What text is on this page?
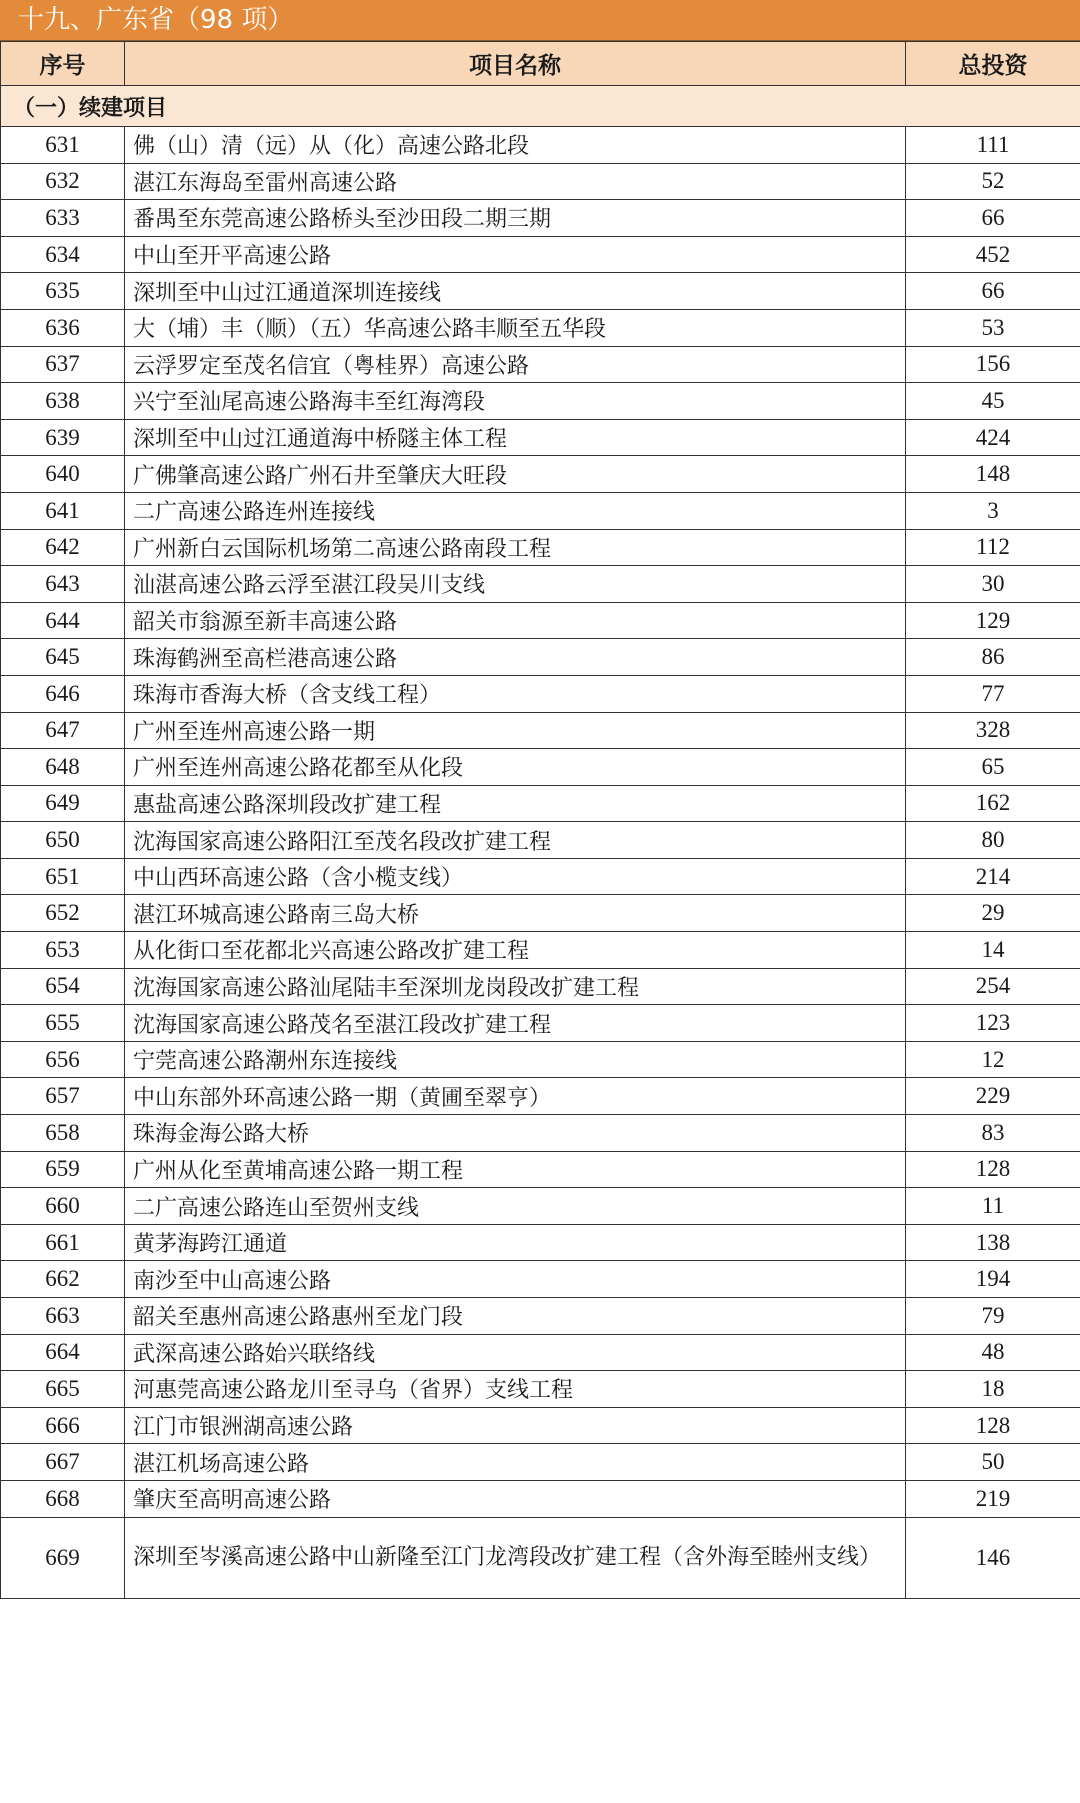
十九、广东省（98 项）
序号	项目名称	总投资
（一）续建项目		
631	佛（山）清（远）从（化）高速公路北段	111
632	湛江东海岛至雷州高速公路	52
633	番禺至东莞高速公路桥头至沙田段二期三期	66
634	中山至开平高速公路	452
635	深圳至中山过江通道深圳连接线	66
636	大（埔）丰（顺）（五）华高速公路丰顺至五华段	53
637	云浮罗定至茂名信宜（粤桂界）高速公路	156
638	兴宁至汕尾高速公路海丰至红海湾段	45
639	深圳至中山过江通道海中桥隧主体工程	424
640	广佛肇高速公路广州石井至肇庆大旺段	148
641	二广高速公路连州连接线	3
642	广州新白云国际机场第二高速公路南段工程	112
643	汕湛高速公路云浮至湛江段吴川支线	30
644	韶关市翁源至新丰高速公路	129
645	珠海鹤洲至高栏港高速公路	86
646	珠海市香海大桥（含支线工程）	77
647	广州至连州高速公路一期	328
648	广州至连州高速公路花都至从化段	65
649	惠盐高速公路深圳段改扩建工程	162
650	沈海国家高速公路阳江至茂名段改扩建工程	80
651	中山西环高速公路（含小榄支线）	214
652	湛江环城高速公路南三岛大桥	29
653	从化街口至花都北兴高速公路改扩建工程	14
654	沈海国家高速公路汕尾陆丰至深圳龙岗段改扩建工程	254
655	沈海国家高速公路茂名至湛江段改扩建工程	123
656	宁莞高速公路潮州东连接线	12
657	中山东部外环高速公路一期（黄圃至翠亨）	229
658	珠海金海公路大桥	83
659	广州从化至黄埔高速公路一期工程	128
660	二广高速公路连山至贺州支线	11
661	黄茅海跨江通道	138
662	南沙至中山高速公路	194
663	韶关至惠州高速公路惠州至龙门段	79
664	武深高速公路始兴联络线	48
665	河惠莞高速公路龙川至寻乌（省界）支线工程	18
666	江门市银洲湖高速公路	128
667	湛江机场高速公路	50
668	肇庆至高明高速公路	219
669	深圳至岑溪高速公路中山新隆至江门龙湾段改扩建工程（含外海至睦州支线）	146
